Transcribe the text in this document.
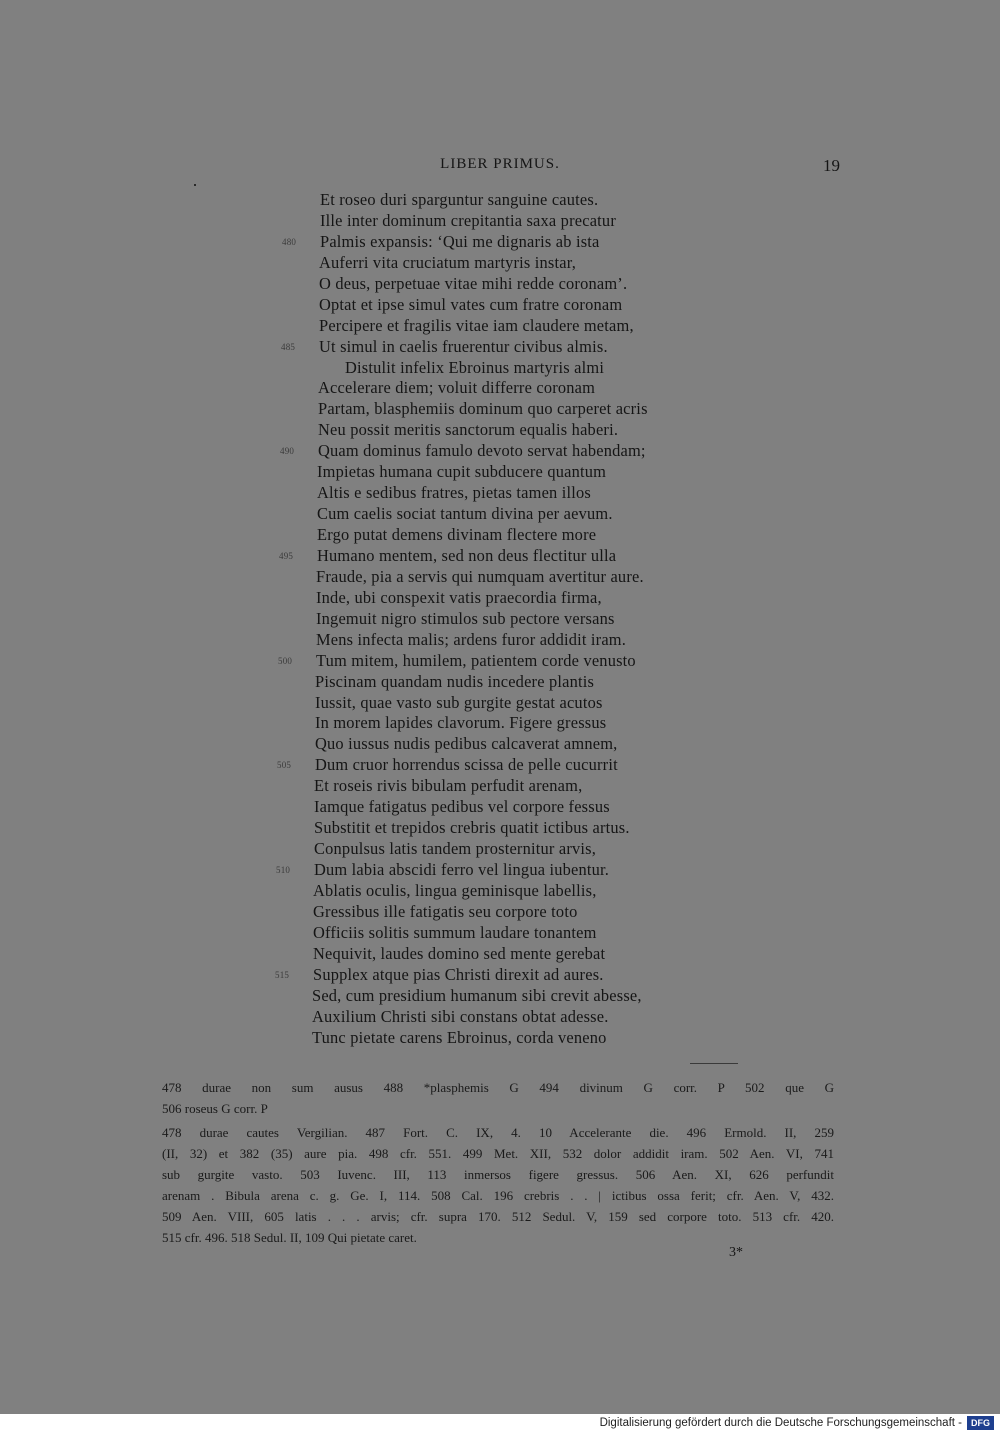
LIBER PRIMUS.	19
Et roseo duri sparguntur sanguine cautes.
Ille inter dominum crepitantia saxa precatur
480 Palmis expansis: ‘Qui me dignaris ab ista
Auferri vita cruciatum martyris instar,
O deus, perpetuae vitae mihi redde coronam’.
Optat et ipse simul vates cum fratre coronam
Percipere et fragilis vitae iam claudere metam,
485 Ut simul in caelis fruerentur civibus almis.
Distulit infelix Ebroinus martyris almi
Accelerare diem; voluit differre coronam
Partam, blasphemiis dominum quo carperet acris
Neu possit meritis sanctorum equalis haberi.
490 Quam dominus famulo devoto servat habendam;
Impietas humana cupit subducere quantum
Altis e sedibus fratres, pietas tamen illos
Cum caelis sociat tantum divina per aevum.
Ergo putat demens divinam flectere more
495 Humano mentem, sed non deus flectitur ulla
Fraude, pia a servis qui numquam avertitur aure.
Inde, ubi conspexit vatis praecordia firma,
Ingemuit nigro stimulos sub pectore versans
Mens infecta malis; ardens furor addidit iram.
500 Tum mitem, humilem, patientem corde venusto
Piscinam quandam nudis incedere plantis
Iussit, quae vasto sub gurgite gestat acutos
In morem lapides clavorum. Figere gressus
Quo iussus nudis pedibus calcaverat amnem,
505 Dum cruor horrendus scissa de pelle cucurrit
Et roseis rivis bibulam perfudit arenam,
Iamque fatigatus pedibus vel corpore fessus
Substitit et trepidos crebris quatit ictibus artus.
Conpulsus latis tandem prosternitur arvis,
510 Dum labia abscidi ferro vel lingua iubentur.
Ablatis oculis, lingua geminisque labellis,
Gressibus ille fatigatis seu corpore toto
Officiis solitis summum laudare tonantem
Nequivit, laudes domino sed mente gerebat
515 Supplex atque pias Christi direxit ad aures.
Sed, cum presidium humanum sibi crevit abesse,
Auxilium Christi sibi constans obtat adesse.
Tunc pietate carens Ebroinus, corda veneno
478 durae non sum ausus 488 *plasphemis G 494 divinum G corr. P 502 que G
506 roseus G corr. P
478 durae cautes Vergilian. 487 Fort. C. IX, 4. 10 Accelerante die. 496 Ermold. II, 259
(II, 32) et 382 (35) aure pia. 498 cfr. 551. 499 Met. XII, 532 dolor addidit iram. 502 Aen. VI, 741
sub gurgite vasto. 503 Iuvenc. III, 113 inmersos figere gressus. 506 Aen. XI, 626 perfundit
arenam . Bibula arena c. g. Ge. I, 114. 508 Cal. 196 crebris . . | ictibus ossa ferit; cfr. Aen. V, 432.
509 Aen. VIII, 605 latis . . . arvis; cfr. supra 170. 512 Sedul. V, 159 sed corpore toto. 513 cfr. 420.
515 cfr. 496. 518 Sedul. II, 109 Qui pietate caret.
3*
Digitalisierung gefördert durch die Deutsche Forschungsgemeinschaft -	DFG
